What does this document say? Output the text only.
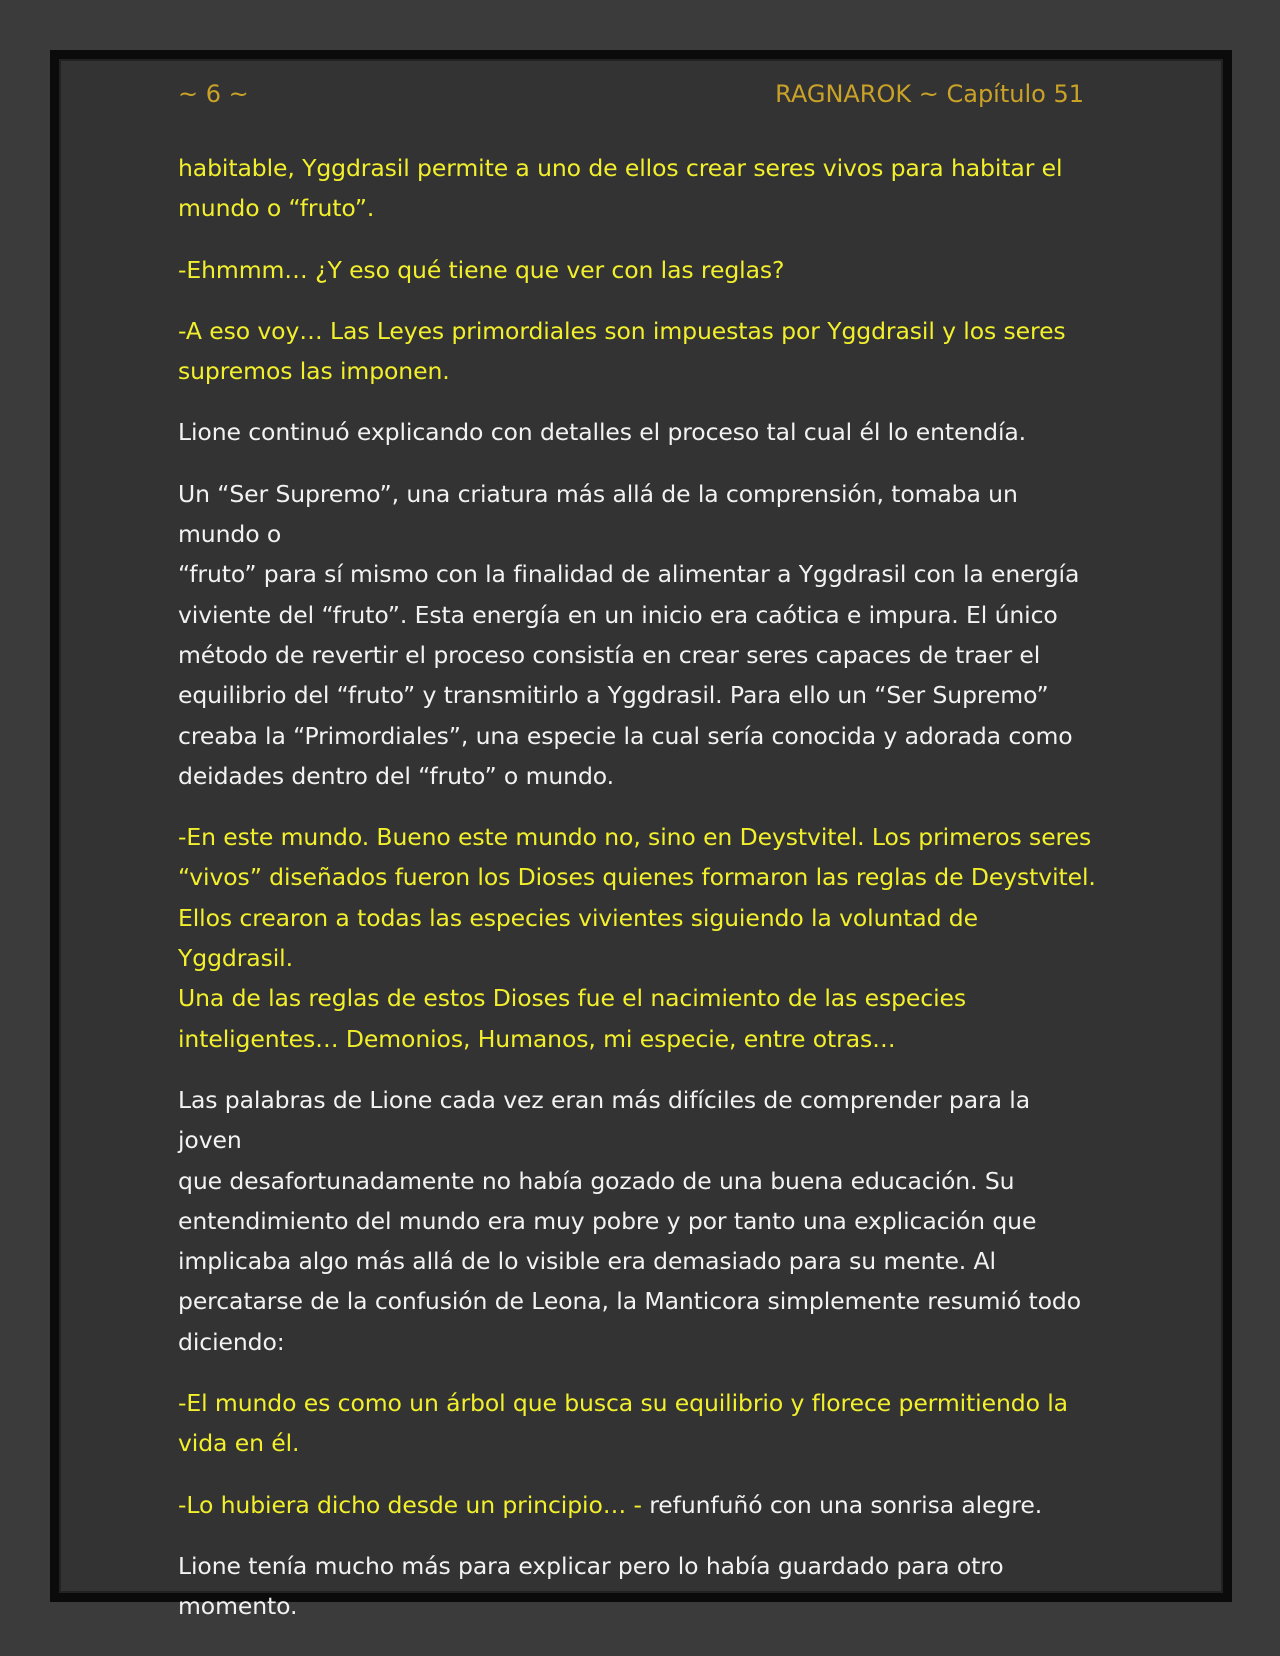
~ 6 ~	RAGNAROK ~ Capítulo 51

habitable, Yggdrasil permite a uno de ellos crear seres vivos para habitar el
mundo o “fruto”.

-Ehmmm… ¿Y eso qué tiene que ver con las reglas?

-A eso voy… Las Leyes primordiales son impuestas por Yggdrasil y los seres
supremos las imponen.

Lione continuó explicando con detalles el proceso tal cual él lo entendía.

Un “Ser Supremo”, una criatura más allá de la comprensión, tomaba un mundo o
“fruto” para sí mismo con la finalidad de alimentar a Yggdrasil con la energía
viviente del “fruto”. Esta energía en un inicio era caótica e impura. El único
método de revertir el proceso consistía en crear seres capaces de traer el
equilibrio del “fruto” y transmitirlo a Yggdrasil. Para ello un “Ser Supremo”
creaba la “Primordiales”, una especie la cual sería conocida y adorada como
deidades dentro del “fruto” o mundo.

-En este mundo. Bueno este mundo no, sino en Deystvitel. Los primeros seres
“vivos” diseñados fueron los Dioses quienes formaron las reglas de Deystvitel.
Ellos crearon a todas las especies vivientes siguiendo la voluntad de Yggdrasil.
Una de las reglas de estos Dioses fue el nacimiento de las especies
inteligentes… Demonios, Humanos, mi especie, entre otras…

Las palabras de Lione cada vez eran más difíciles de comprender para la joven
que desafortunadamente no había gozado de una buena educación. Su
entendimiento del mundo era muy pobre y por tanto una explicación que
implicaba algo más allá de lo visible era demasiado para su mente. Al
percatarse de la confusión de Leona, la Manticora simplemente resumió todo
diciendo:

-El mundo es como un árbol que busca su equilibrio y florece permitiendo la
vida en él.

-Lo hubiera dicho desde un principio… - refunfuñó con una sonrisa alegre.

Lione tenía mucho más para explicar pero lo había guardado para otro
momento.
